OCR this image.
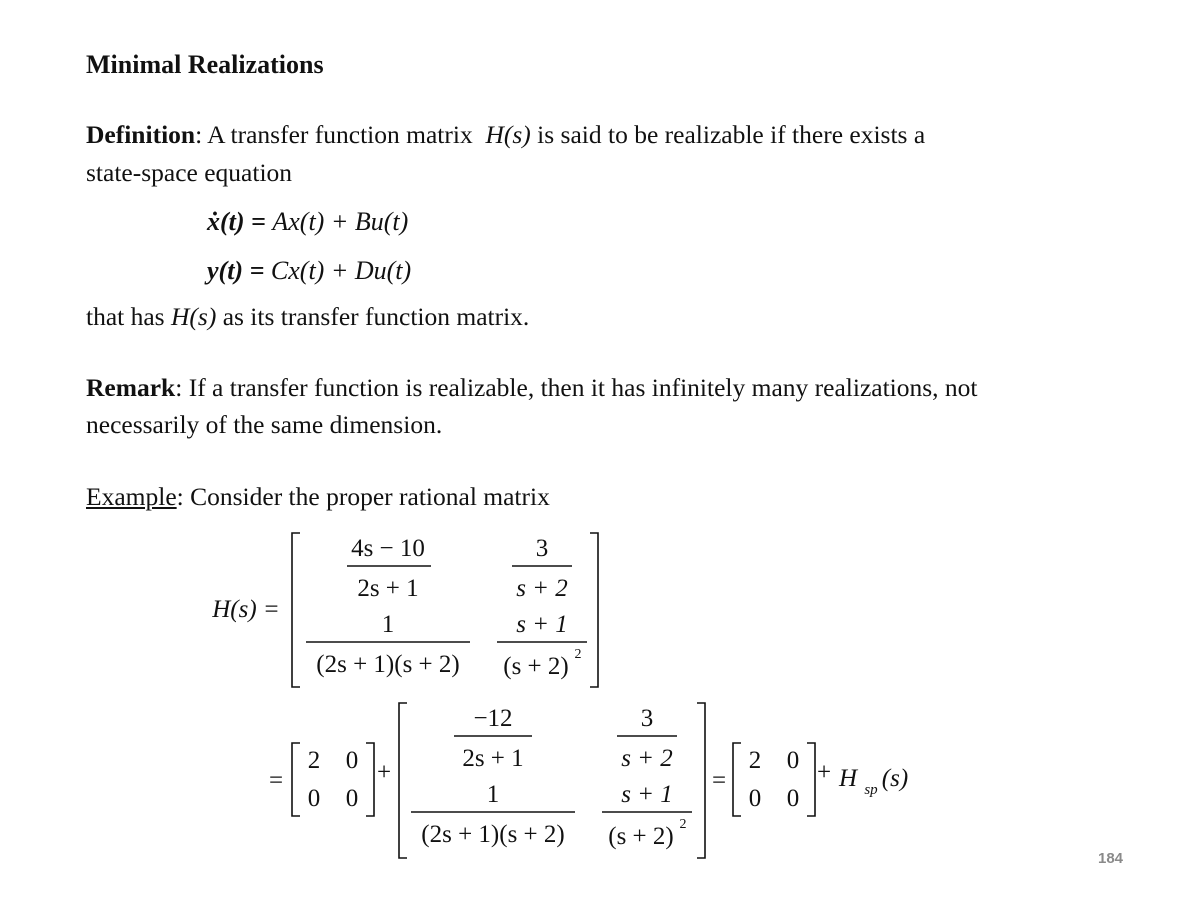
Minimal Realizations
Definition: A transfer function matrix H(s) is said to be realizable if there exists a
state-space equation
ẋ(t) = Ax(t) + Bu(t)
y(t) = Cx(t) + Du(t)
that has H(s) as its transfer function matrix.
Remark: If a transfer function is realizable, then it has infinitely many realizations, not
necessarily of the same dimension.
Example: Consider the proper rational matrix
H(s) =
4s − 10
2s + 1
3
s + 2
1
(2s + 1)(s + 2)
s + 1
(s + 2) 2
=
2 0
0 0
+
−12
2s + 1
3
s + 2
1
(2s + 1)(s + 2)
s + 1
(s + 2) 2
=
2 0
0 0
+ H sp (s)
184
